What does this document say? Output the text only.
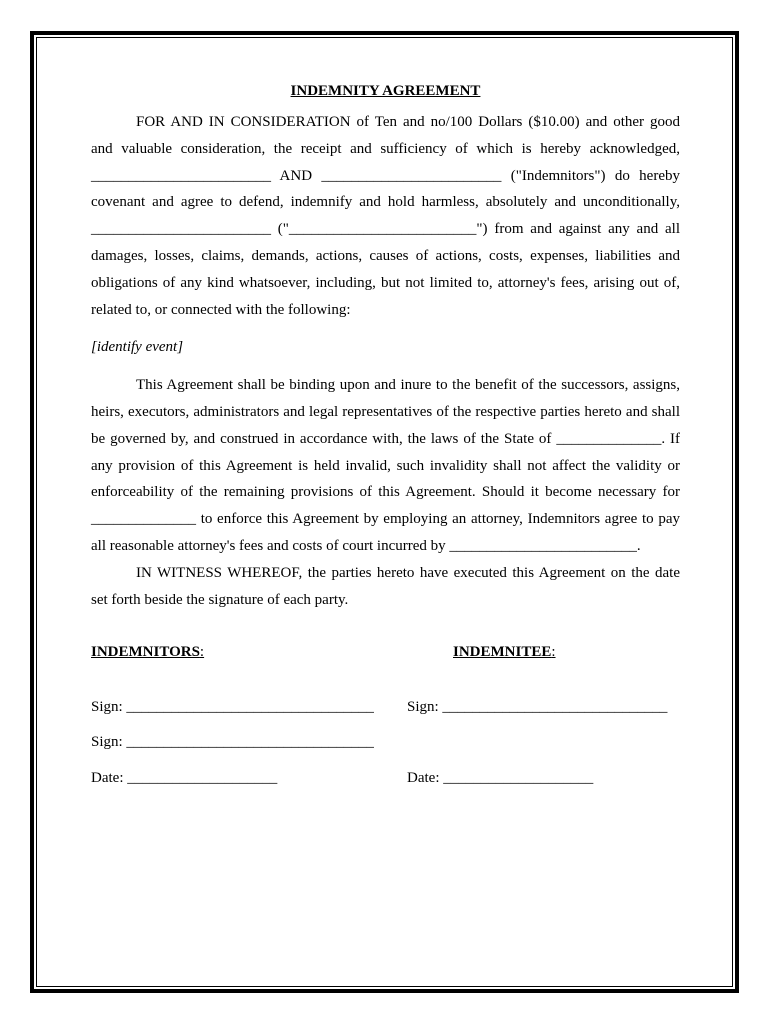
INDEMNITY AGREEMENT
FOR AND IN CONSIDERATION of Ten and no/100 Dollars ($10.00) and other good
and valuable consideration, the receipt and sufficiency of which is hereby acknowledged,
________________________ AND ________________________ ("Indemnitors") do hereby
covenant and agree to defend, indemnify and hold harmless, absolutely and unconditionally,
________________________ ("_________________________") from and against any and all
damages, losses, claims, demands, actions, causes of actions, costs, expenses, liabilities and
obligations of any kind whatsoever, including, but not limited to, attorney's fees, arising out of,
related to, or connected with the following:
[identify event]
This Agreement shall be binding upon and inure to the benefit of the successors, assigns,
heirs, executors, administrators and legal representatives of the respective parties hereto and shall
be governed by, and construed in accordance with, the laws of the State of ______________. If
any provision of this Agreement is held invalid, such invalidity shall not affect the validity or
enforceability of the remaining provisions of this Agreement. Should it become necessary for
______________ to enforce this Agreement by employing an attorney, Indemnitors agree to pay
all reasonable attorney's fees and costs of court incurred by _________________________.
IN WITNESS WHEREOF, the parties hereto have executed this Agreement on the date
set forth beside the signature of each party.
INDEMNITORS:	INDEMNITEE:
Sign: _________________________________ Sign: ______________________________
Sign: _________________________________
Date: ____________________	Date: ____________________
